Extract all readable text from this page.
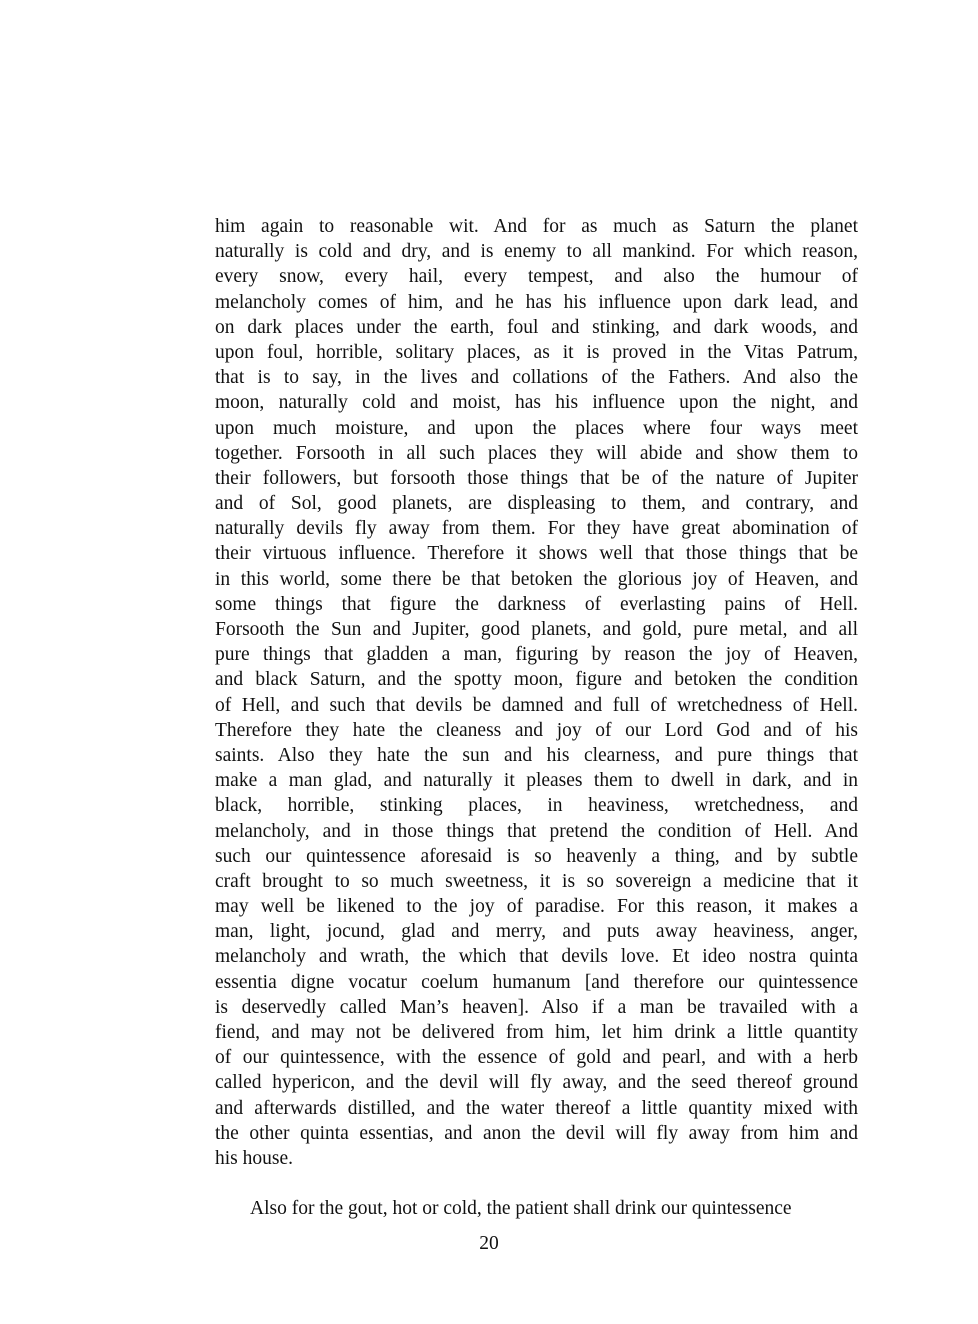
him again to reasonable wit. And for as much as Saturn the planet
naturally is cold and dry, and is enemy to all mankind. For which reason,
every snow, every hail, every tempest, and also the humour of
melancholy comes of him, and he has his influence upon dark lead, and
on dark places under the earth, foul and stinking, and dark woods, and
upon foul, horrible, solitary places, as it is proved in the Vitas Patrum,
that is to say, in the lives and collations of the Fathers. And also the
moon, naturally cold and moist, has his influence upon the night, and
upon much moisture, and upon the places where four ways meet
together. Forsooth in all such places they will abide and show them to
their followers, but forsooth those things that be of the nature of Jupiter
and of Sol, good planets, are displeasing to them, and contrary, and
naturally devils fly away from them. For they have great abomination of
their virtuous influence. Therefore it shows well that those things that be
in this world, some there be that betoken the glorious joy of Heaven, and
some things that figure the darkness of everlasting pains of Hell.
Forsooth the Sun and Jupiter, good planets, and gold, pure metal, and all
pure things that gladden a man, figuring by reason the joy of Heaven,
and black Saturn, and the spotty moon, figure and betoken the condition
of Hell, and such that devils be damned and full of wretchedness of Hell.
Therefore they hate the cleaness and joy of our Lord God and of his
saints. Also they hate the sun and his clearness, and pure things that
make a man glad, and naturally it pleases them to dwell in dark, and in
black, horrible, stinking places, in heaviness, wretchedness, and
melancholy, and in those things that pretend the condition of Hell. And
such our quintessence aforesaid is so heavenly a thing, and by subtle
craft brought to so much sweetness, it is so sovereign a medicine that it
may well be likened to the joy of paradise. For this reason, it makes a
man, light, jocund, glad and merry, and puts away heaviness, anger,
melancholy and wrath, the which that devils love. Et ideo nostra quinta
essentia digne vocatur coelum humanum [and therefore our quintessence
is deservedly called Man’s heaven]. Also if a man be travailed with a
fiend, and may not be delivered from him, let him drink a little quantity
of our quintessence, with the essence of gold and pearl, and with a herb
called hypericon, and the devil will fly away, and the seed thereof ground
and afterwards distilled, and the water thereof a little quantity mixed with
the other quinta essentias, and anon the devil will fly away from him and
his house.
Also for the gout, hot or cold, the patient shall drink our quintessence
20
